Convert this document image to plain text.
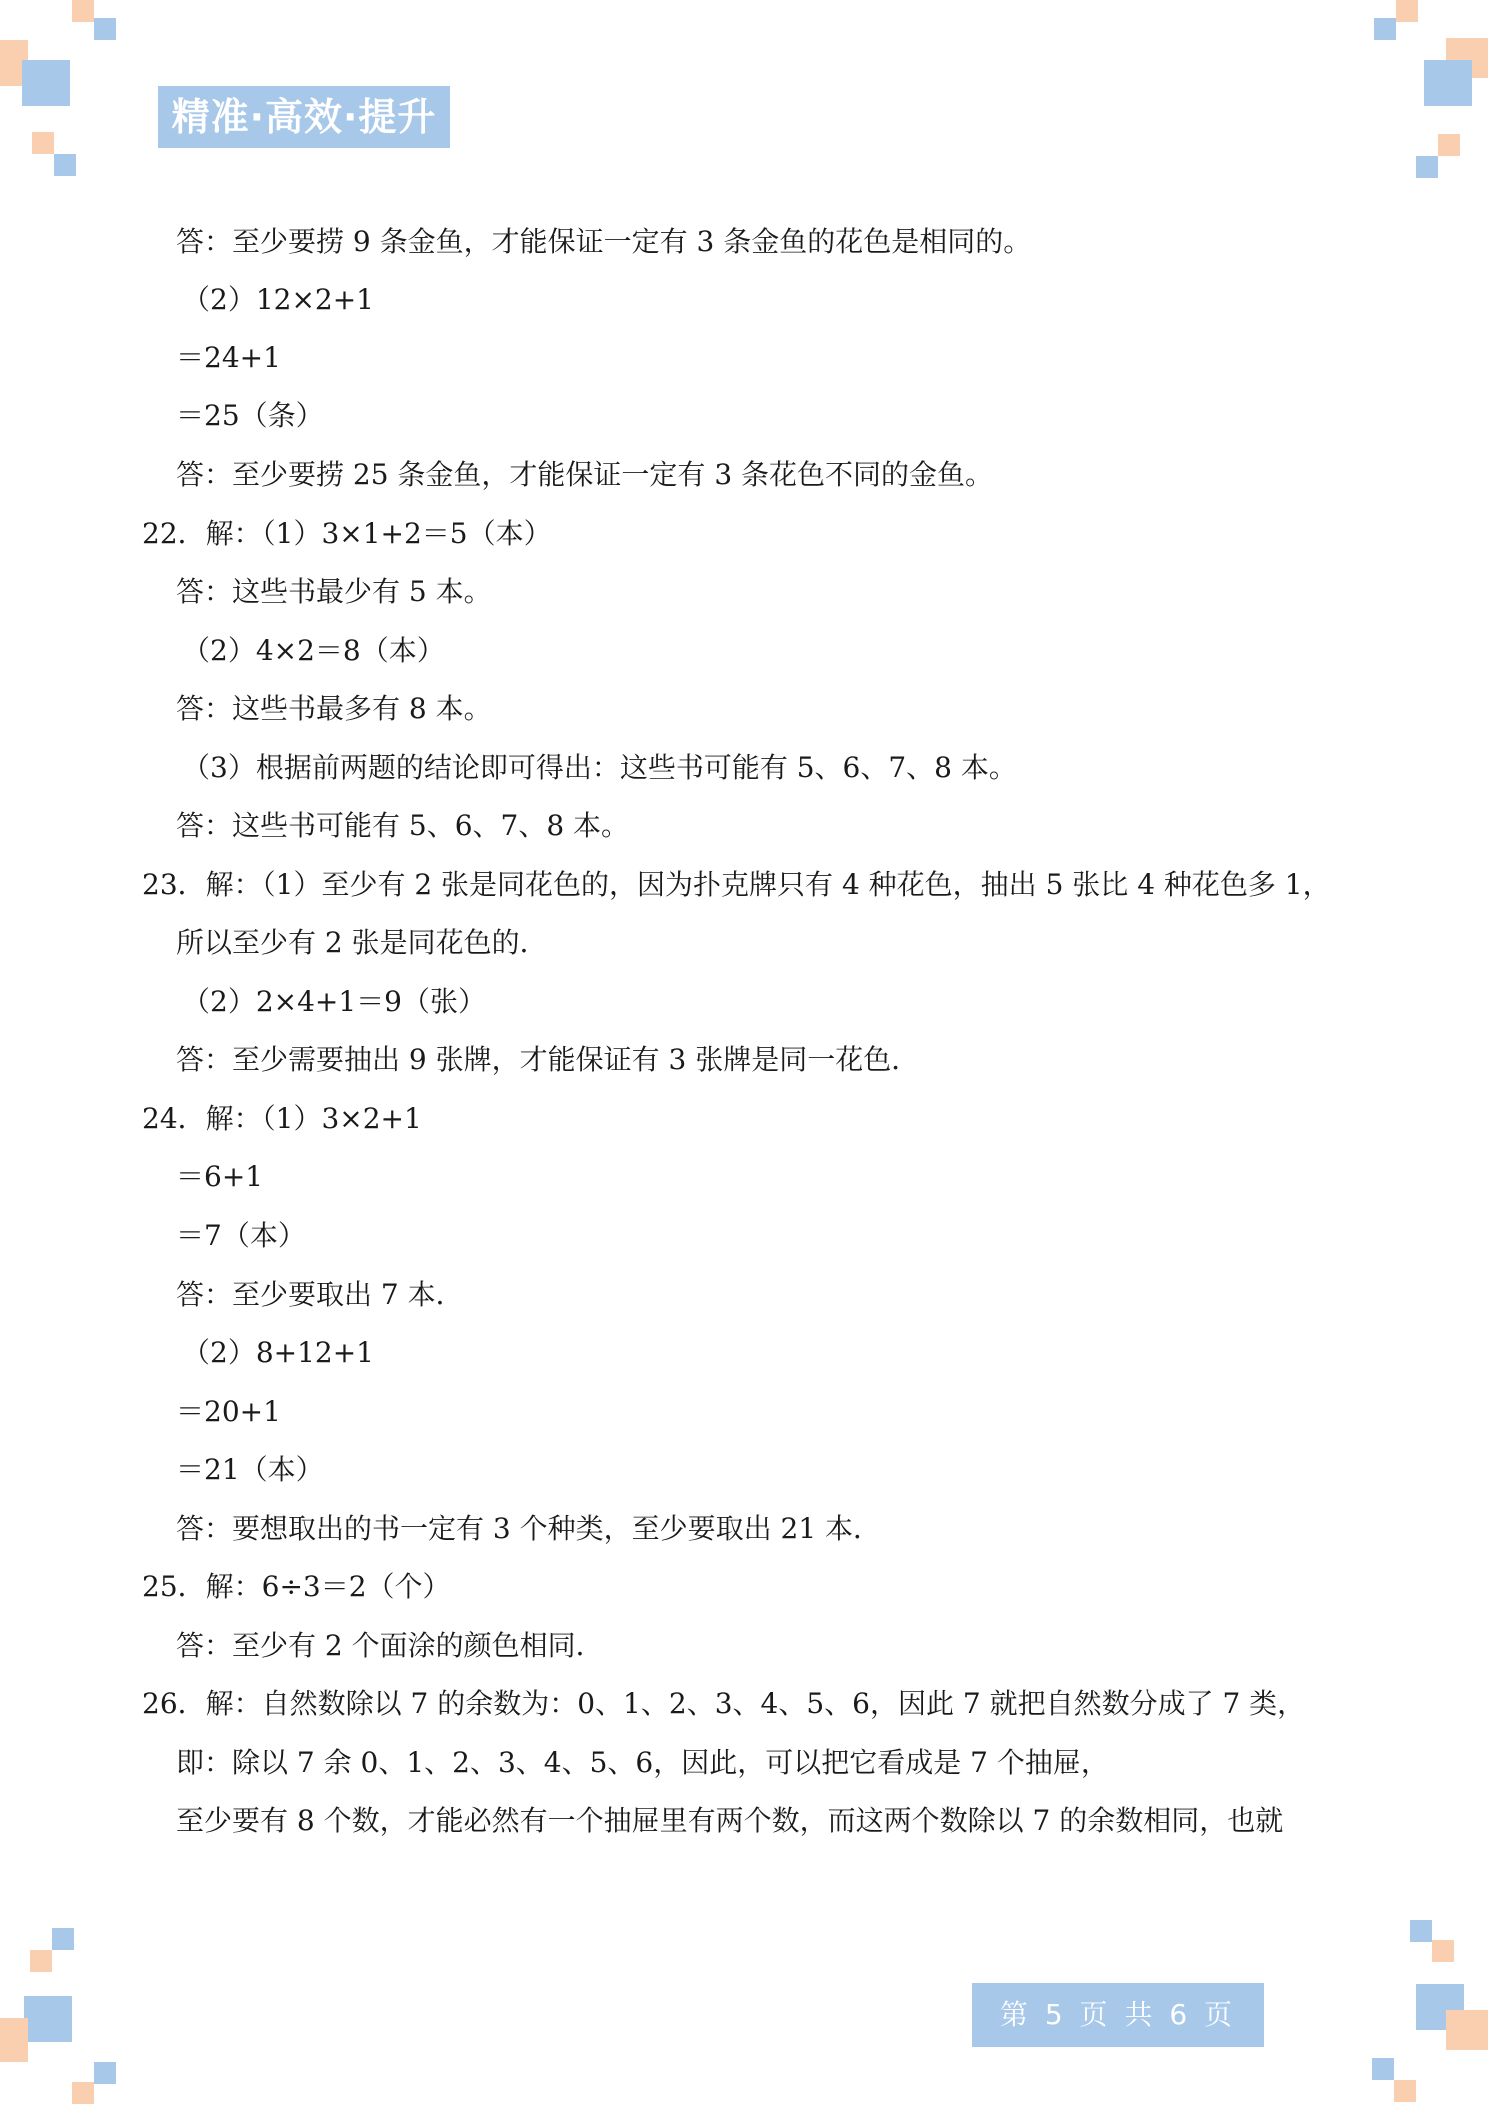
精准·高效·提升
答：至少要捞 9 条金鱼，才能保证一定有 3 条金鱼的花色是相同的。
（2）12×2+1
＝24+1
＝25（条）
答：至少要捞 25 条金鱼，才能保证一定有 3 条花色不同的金鱼。
22．解：（1）3×1+2＝5（本）
答：这些书最少有 5 本。
（2）4×2＝8（本）
答：这些书最多有 8 本。
（3）根据前两题的结论即可得出：这些书可能有 5、6、7、8 本。
答：这些书可能有 5、6、7、8 本。
23．解：（1）至少有 2 张是同花色的，因为扑克牌只有 4 种花色，抽出 5 张比 4 种花色多 1，
所以至少有 2 张是同花色的．
（2）2×4+1＝9（张）
答：至少需要抽出 9 张牌，才能保证有 3 张牌是同一花色．
24．解：（1）3×2+1
＝6+1
＝7（本）
答：至少要取出 7 本．
（2）8+12+1
＝20+1
＝21（本）
答：要想取出的书一定有 3 个种类，至少要取出 21 本．
25．解：6÷3＝2（个）
答：至少有 2 个面涂的颜色相同．
26．解：自然数除以 7 的余数为：0、1、2、3、4、5、6，因此 7 就把自然数分成了 7 类，
即：除以 7 余 0、1、2、3、4、5、6，因此，可以把它看成是 7 个抽屉，
至少要有 8 个数，才能必然有一个抽屉里有两个数，而这两个数除以 7 的余数相同，也就
第 5 页 共 6 页
